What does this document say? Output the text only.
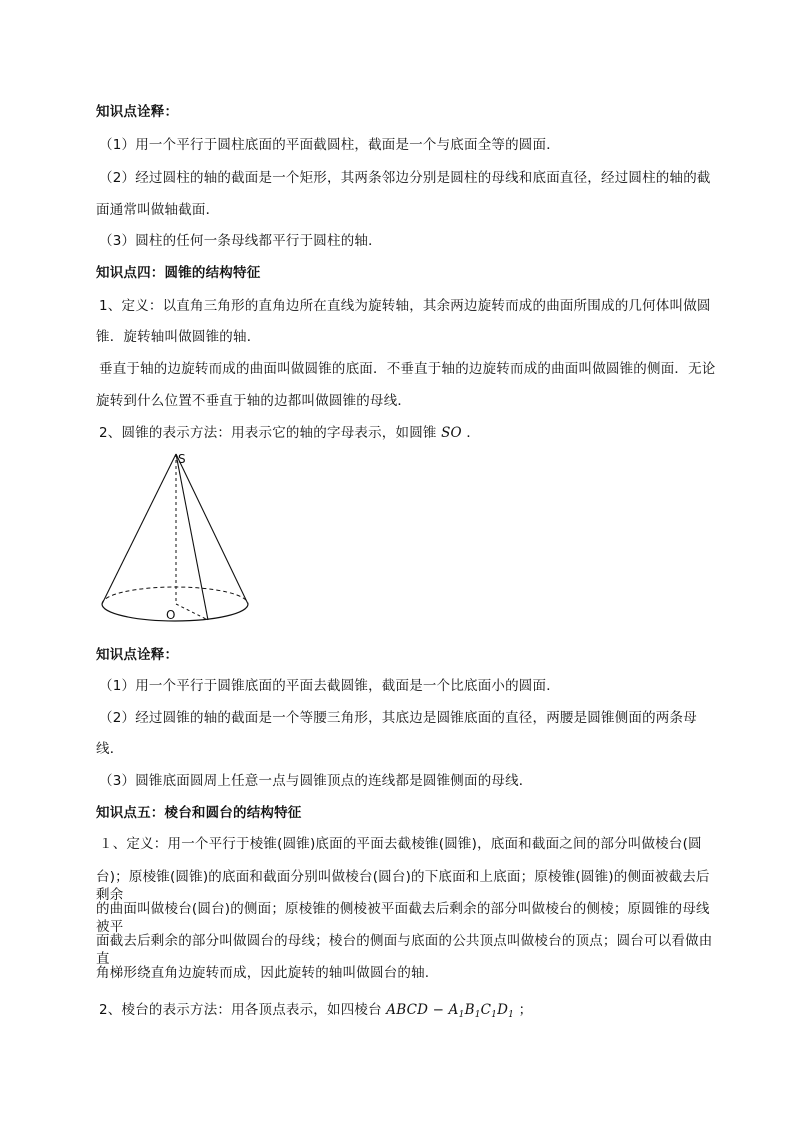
知识点诠释：
（1）用一个平行于圆柱底面的平面截圆柱，截面是一个与底面全等的圆面．
（2）经过圆柱的轴的截面是一个矩形，其两条邻边分别是圆柱的母线和底面直径，经过圆柱的轴的截
面通常叫做轴截面．
（3）圆柱的任何一条母线都平行于圆柱的轴．
知识点四：圆锥的结构特征
1、定义：以直角三角形的直角边所在直线为旋转轴，其余两边旋转而成的曲面所围成的几何体叫做圆
锥．旋转轴叫做圆锥的轴．
垂直于轴的边旋转而成的曲面叫做圆锥的底面．不垂直于轴的边旋转而成的曲面叫做圆锥的侧面．无论
旋转到什么位置不垂直于轴的边都叫做圆锥的母线．
2、圆锥的表示方法：用表示它的轴的字母表示，如圆锥 SO ．
S
O
知识点诠释：
（1）用一个平行于圆锥底面的平面去截圆锥，截面是一个比底面小的圆面．
（2）经过圆锥的轴的截面是一个等腰三角形，其底边是圆锥底面的直径，两腰是圆锥侧面的两条母
线．
（3）圆锥底面圆周上任意一点与圆锥顶点的连线都是圆锥侧面的母线．
知识点五：棱台和圆台的结构特征
１、定义：用一个平行于棱锥(圆锥)底面的平面去截棱锥(圆锥)，底面和截面之间的部分叫做棱台(圆
台)；原棱锥(圆锥)的底面和截面分别叫做棱台(圆台)的下底面和上底面；原棱锥(圆锥)的侧面被截去后剩余
的曲面叫做棱台(圆台)的侧面；原棱锥的侧棱被平面截去后剩余的部分叫做棱台的侧棱；原圆锥的母线被平
面截去后剩余的部分叫做圆台的母线；棱台的侧面与底面的公共顶点叫做棱台的顶点；圆台可以看做由直
角梯形绕直角边旋转而成，因此旋转的轴叫做圆台的轴.
2、棱台的表示方法：用各顶点表示，如四棱台 ABCD − $A_1B_1C_1D_1$ ；
